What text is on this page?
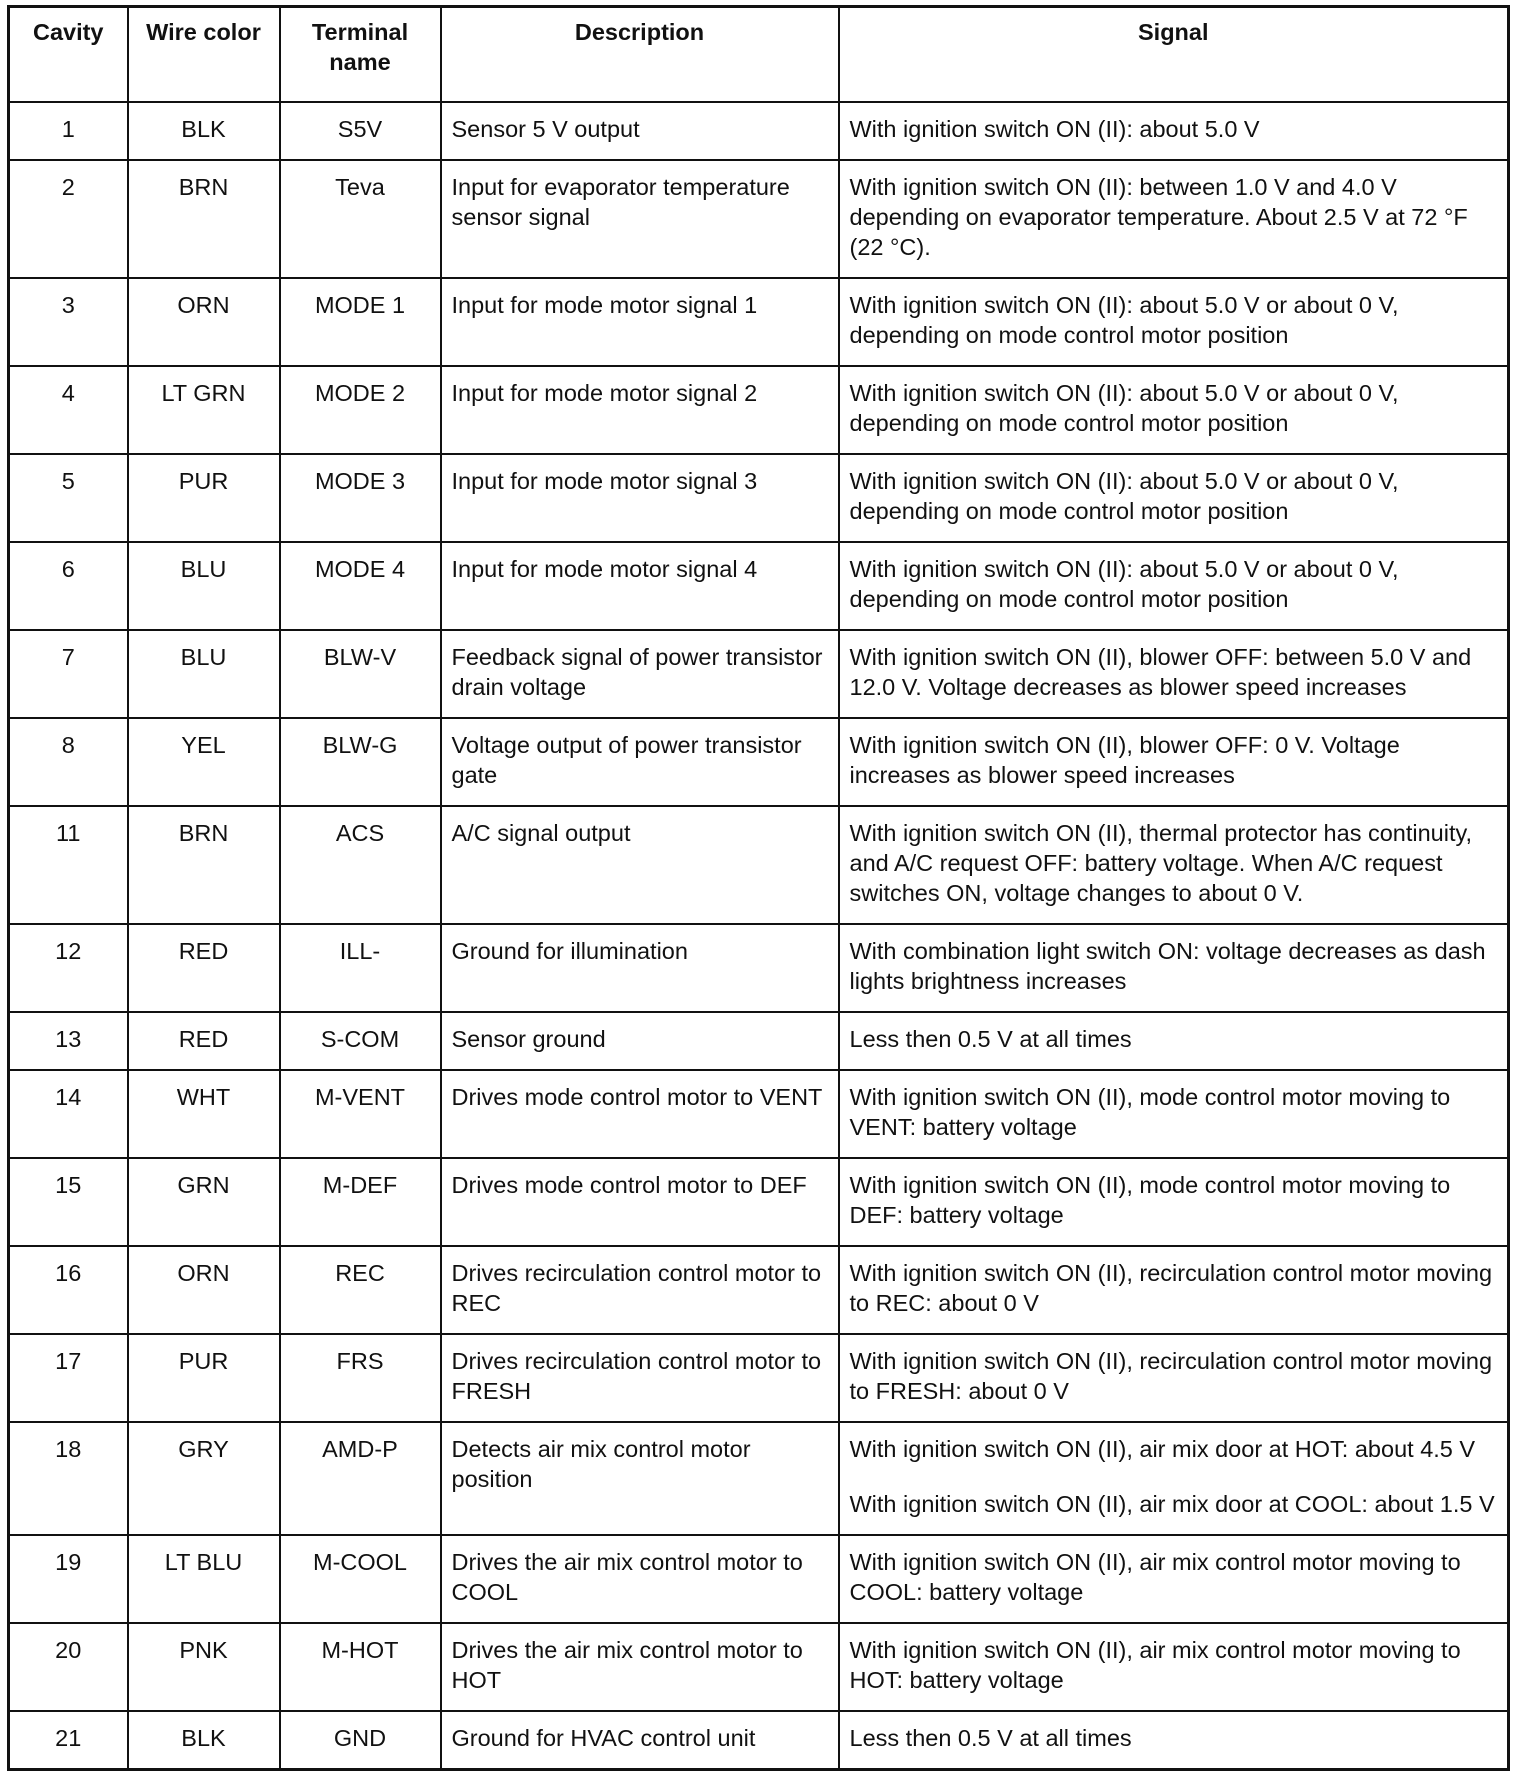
Cavity	Wire color	Terminal name	Description	Signal
1	BLK	S5V	Sensor 5 V output	With ignition switch ON (II): about 5.0 V

2	BRN	Teva	Input for evaporator temperature sensor signal	With ignition switch ON (II): between 1.0 V and 4.0 V depending on evaporator temperature. About 2.5 V at 72 °F (22 °C).

3	ORN	MODE 1	Input for mode motor signal 1	With ignition switch ON (II): about 5.0 V or about 0 V, depending on mode control motor position

4	LT GRN	MODE 2	Input for mode motor signal 2	With ignition switch ON (II): about 5.0 V or about 0 V, depending on mode control motor position

5	PUR	MODE 3	Input for mode motor signal 3	With ignition switch ON (II): about 5.0 V or about 0 V, depending on mode control motor position

6	BLU	MODE 4	Input for mode motor signal 4	With ignition switch ON (II): about 5.0 V or about 0 V, depending on mode control motor position

7	BLU	BLW-V	Feedback signal of power transistor drain voltage	With ignition switch ON (II), blower OFF: between 5.0 V and 12.0 V. Voltage decreases as blower speed increases

8	YEL	BLW-G	Voltage output of power transistor gate	With ignition switch ON (II), blower OFF: 0 V. Voltage increases as blower speed increases

11	BRN	ACS	A/C signal output	With ignition switch ON (II), thermal protector has continuity, and A/C request OFF: battery voltage. When A/C request switches ON, voltage changes to about 0 V.

12	RED	ILL-	Ground for illumination	With combination light switch ON: voltage decreases as dash lights brightness increases

13	RED	S-COM	Sensor ground	Less then 0.5 V at all times

14	WHT	M-VENT	Drives mode control motor to VENT	With ignition switch ON (II), mode control motor moving to VENT: battery voltage

15	GRN	M-DEF	Drives mode control motor to DEF	With ignition switch ON (II), mode control motor moving to DEF: battery voltage

16	ORN	REC	Drives recirculation control motor to REC	With ignition switch ON (II), recirculation control motor moving to REC: about 0 V

17	PUR	FRS	Drives recirculation control motor to FRESH	With ignition switch ON (II), recirculation control motor moving to FRESH: about 0 V

18	GRY	AMD-P	Detects air mix control motor position	With ignition switch ON (II), air mix door at HOT: about 4.5 V
With ignition switch ON (II), air mix door at COOL: about 1.5 V

19	LT BLU	M-COOL	Drives the air mix control motor to COOL	With ignition switch ON (II), air mix control motor moving to COOL: battery voltage

20	PNK	M-HOT	Drives the air mix control motor to HOT	With ignition switch ON (II), air mix control motor moving to HOT: battery voltage

21	BLK	GND	Ground for HVAC control unit	Less then 0.5 V at all times
